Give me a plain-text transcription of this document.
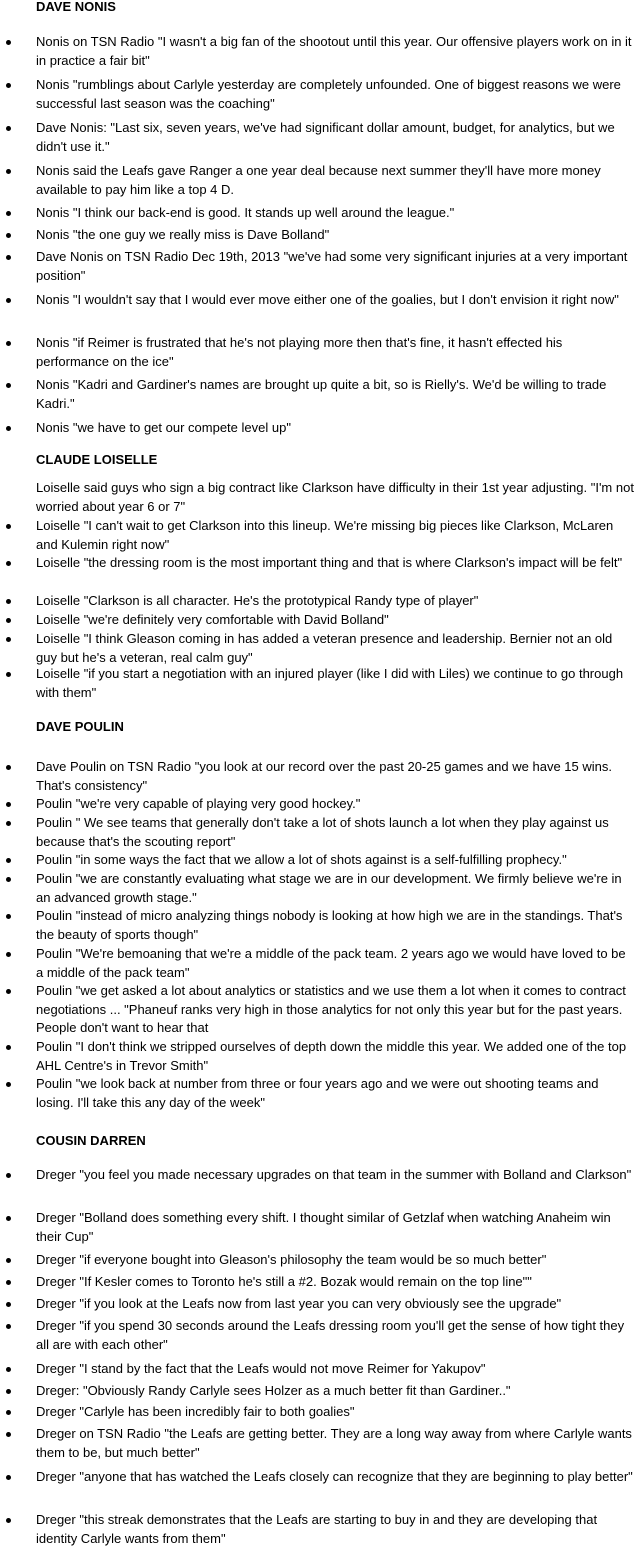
DAVE NONIS
Nonis on TSN Radio "I wasn't a big fan of the shootout until this year. Our offensive players work on in it in practice a fair bit"
Nonis "rumblings about Carlyle yesterday are completely unfounded. One of biggest reasons we were successful last season was the coaching"
Dave Nonis: "Last six, seven years, we've had significant dollar amount, budget, for analytics, but we didn't use it."
Nonis said the Leafs gave Ranger a one year deal because next summer they'll have more money available to pay him like a top 4 D.
Nonis "I think our back-end is good. It stands up well around the league."
Nonis "the one guy we really miss is Dave Bolland"
Dave Nonis on TSN Radio Dec 19th, 2013 "we've had some very significant injuries at a very important position"
Nonis "I wouldn't say that I would ever move either one of the goalies, but I don't envision it right now"
Nonis "if Reimer is frustrated that he's not playing more then that's fine, it hasn't effected his performance on the ice"
Nonis "Kadri and Gardiner's names are brought up quite a bit, so is Rielly's. We'd be willing to trade Kadri."
Nonis "we have to get our compete level up"
CLAUDE LOISELLE
Loiselle said guys who sign a big contract like Clarkson have difficulty in their 1st year adjusting. "I'm not worried about year 6 or 7"
Loiselle "I can't wait to get Clarkson into this lineup. We're missing big pieces like Clarkson, McLaren and Kulemin right now"
Loiselle "the dressing room is the most important thing and that is where Clarkson's impact will be felt"
Loiselle "Clarkson is all character. He's the prototypical Randy type of player"
Loiselle "we're definitely very comfortable with David Bolland"
Loiselle "I think Gleason coming in has added a veteran presence and leadership. Bernier not an old guy but he's a veteran, real calm guy"
Loiselle "if you start a negotiation with an injured player (like I did with Liles) we continue to go through with them"
DAVE POULIN
Dave Poulin on TSN Radio "you look at our record over the past 20-25 games and we have 15 wins. That's consistency"
Poulin "we're very capable of playing very good hockey."
Poulin " We see teams that generally don't take a lot of shots launch a lot when they play against us because that's the scouting report"
Poulin "in some ways the fact that we allow a lot of shots against is a self-fulfilling prophecy."
Poulin "we are constantly evaluating what stage we are in our development. We firmly believe we're in an advanced growth stage."
Poulin "instead of micro analyzing things nobody is looking at how high we are in the standings. That's the beauty of sports though"
Poulin "We're bemoaning that we're a middle of the pack team. 2 years ago we would have loved to be a middle of the pack team"
Poulin "we get asked a lot about analytics or statistics and we use them a lot when it comes to contract negotiations ... "Phaneuf ranks very high in those analytics for not only this year but for the past years. People don't want to hear that
Poulin "I don't think we stripped ourselves of depth down the middle this year. We added one of the top AHL Centre's in Trevor Smith"
Poulin "we look back at number from three or four years ago and we were out shooting teams and losing. I'll take this any day of the week"
COUSIN DARREN
Dreger "you feel you made necessary upgrades on that team in the summer with Bolland and Clarkson"
Dreger "Bolland does something every shift. I thought similar of Getzlaf when watching Anaheim win their Cup"
Dreger "if everyone bought into Gleason's philosophy the team would be so much better"
Dreger "If Kesler comes to Toronto he's still a #2. Bozak would remain on the top line""
Dreger "if you look at the Leafs now from last year you can very obviously see the upgrade"
Dreger "if you spend 30 seconds around the Leafs dressing room you'll get the sense of how tight they all are with each other"
Dreger "I stand by the fact that the Leafs would not move Reimer for Yakupov"
Dreger: "Obviously Randy Carlyle sees Holzer as a much better fit than Gardiner.."
Dreger "Carlyle has been incredibly fair to both goalies"
Dreger on TSN Radio "the Leafs are getting better. They are a long way away from where Carlyle wants them to be, but much better"
Dreger "anyone that has watched the Leafs closely can recognize that they are beginning to play better"
Dreger "this streak demonstrates that the Leafs are starting to buy in and they are developing that identity Carlyle wants from them"
